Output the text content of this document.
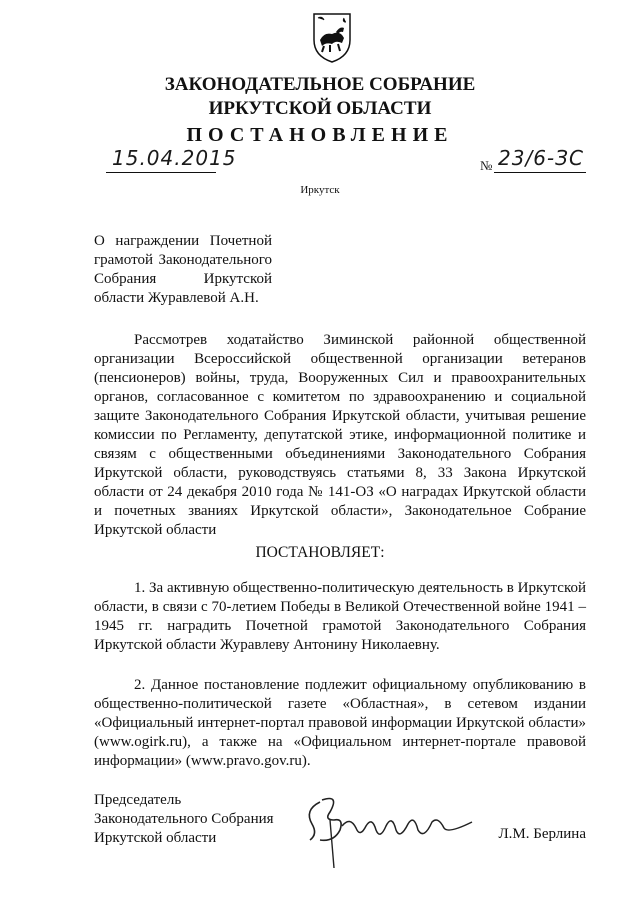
ЗАКОНОДАТЕЛЬНОЕ СОБРАНИЕ
ИРКУТСКОЙ ОБЛАСТИ
ПОСТАНОВЛЕНИЕ
15.04.2015	№ 23/6-ЗС
Иркутск
О награждении Почетной грамотой Законодательного Собрания Иркутской области Журавлевой А.Н.

Рассмотрев ходатайство Зиминской районной общественной организации Всероссийской общественной организации ветеранов (пенсионеров) войны, труда, Вооруженных Сил и правоохранительных органов, согласованное с комитетом по здравоохранению и социальной защите Законодательного Собрания Иркутской области, учитывая решение комиссии по Регламенту, депутатской этике, информационной политике и связям с общественными объединениями Законодательного Собрания Иркутской области, руководствуясь статьями 8, 33 Закона Иркутской области от 24 декабря 2010 года № 141-ОЗ «О наградах Иркутской области и почетных званиях Иркутской области», Законодательное Собрание Иркутской области

ПОСТАНОВЛЯЕТ:

1. За активную общественно-политическую деятельность в Иркутской области, в связи с 70-летием Победы в Великой Отечественной войне 1941 – 1945 гг. наградить Почетной грамотой Законодательного Собрания Иркутской области Журавлеву Антонину Николаевну.

2. Данное постановление подлежит официальному опубликованию в общественно-политической газете «Областная», в сетевом издании «Официальный интернет-портал правовой информации Иркутской области» (www.ogirk.ru), а также на «Официальном интернет-портале правовой информации» (www.pravo.gov.ru).

Председатель
Законодательного Собрания
Иркутской области	Л.М. Берлина
